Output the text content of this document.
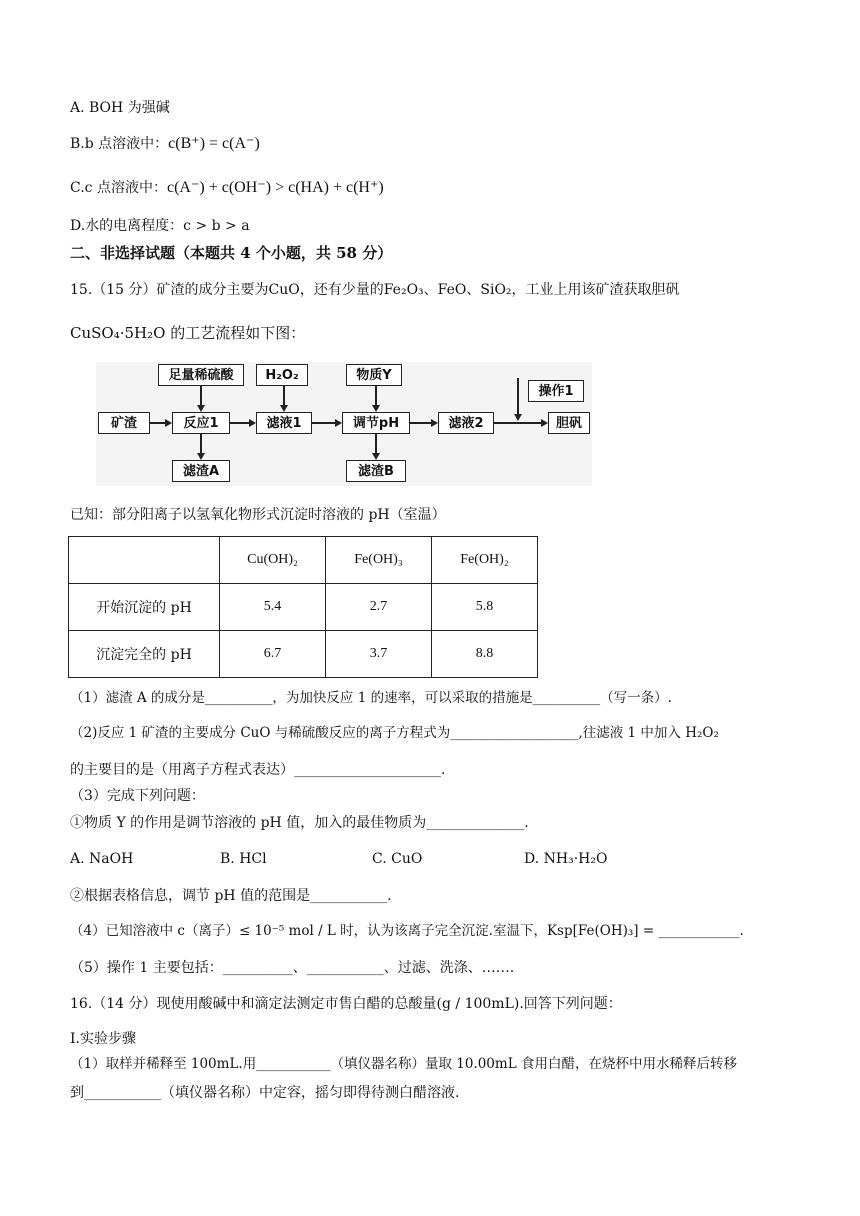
A. BOH 为强碱
B.b 点溶液中：c(B⁺) = c(A⁻)
C.c 点溶液中：c(A⁻) + c(OH⁻) > c(HA) + c(H⁺)
D.水的电离程度：c > b > a
二、非选择试题（本题共 4 个小题，共 58 分）
15.（15 分）矿渣的成分主要为CuO，还有少量的Fe₂O₃、FeO、SiO₂，工业上用该矿渣获取胆矾
CuSO₄·5H₂O 的工艺流程如下图：
矿渣
足量稀硫酸
反应1
滤渣A
H₂O₂
滤液1
物质Y
调节pH
滤渣B
滤液2
操作1
胆矾
已知：部分阳离子以氢氧化物形式沉淀时溶液的 pH（室温）
	Cu(OH)₂	Fe(OH)₃	Fe(OH)₂
开始沉淀的 pH	5.4	2.7	5.8
沉淀完全的 pH	6.7	3.7	8.8
（1）滤渣 A 的成分是__________，为加快反应 1 的速率，可以采取的措施是__________（写一条）.
（2)反应 1 矿渣的主要成分 CuO 与稀硫酸反应的离子方程式为___________________,往滤液 1 中加入 H₂O₂
的主要目的是（用离子方程式表达）_____________________.
（3）完成下列问题：
①物质 Y 的作用是调节溶液的 pH 值，加入的最佳物质为______________.
A. NaOH	B. HCl	C. CuO	D. NH₃·H₂O
②根据表格信息，调节 pH 值的范围是___________.
（4）已知溶液中 c（离子）≤ 10⁻⁵ mol / L 时，认为该离子完全沉淀.室温下，Ksp[Fe(OH)₃] = ____________.
（5）操作 1 主要包括：__________、___________、过滤、洗涤、…….
16.（14 分）现使用酸碱中和滴定法测定市售白醋的总酸量(g / 100mL).回答下列问题：
Ⅰ.实验步骤
（1）取样并稀释至 100mL.用___________（填仪器名称）量取 10.00mL 食用白醋，在烧杯中用水稀释后转移
到___________（填仪器名称）中定容，摇匀即得待测白醋溶液.
